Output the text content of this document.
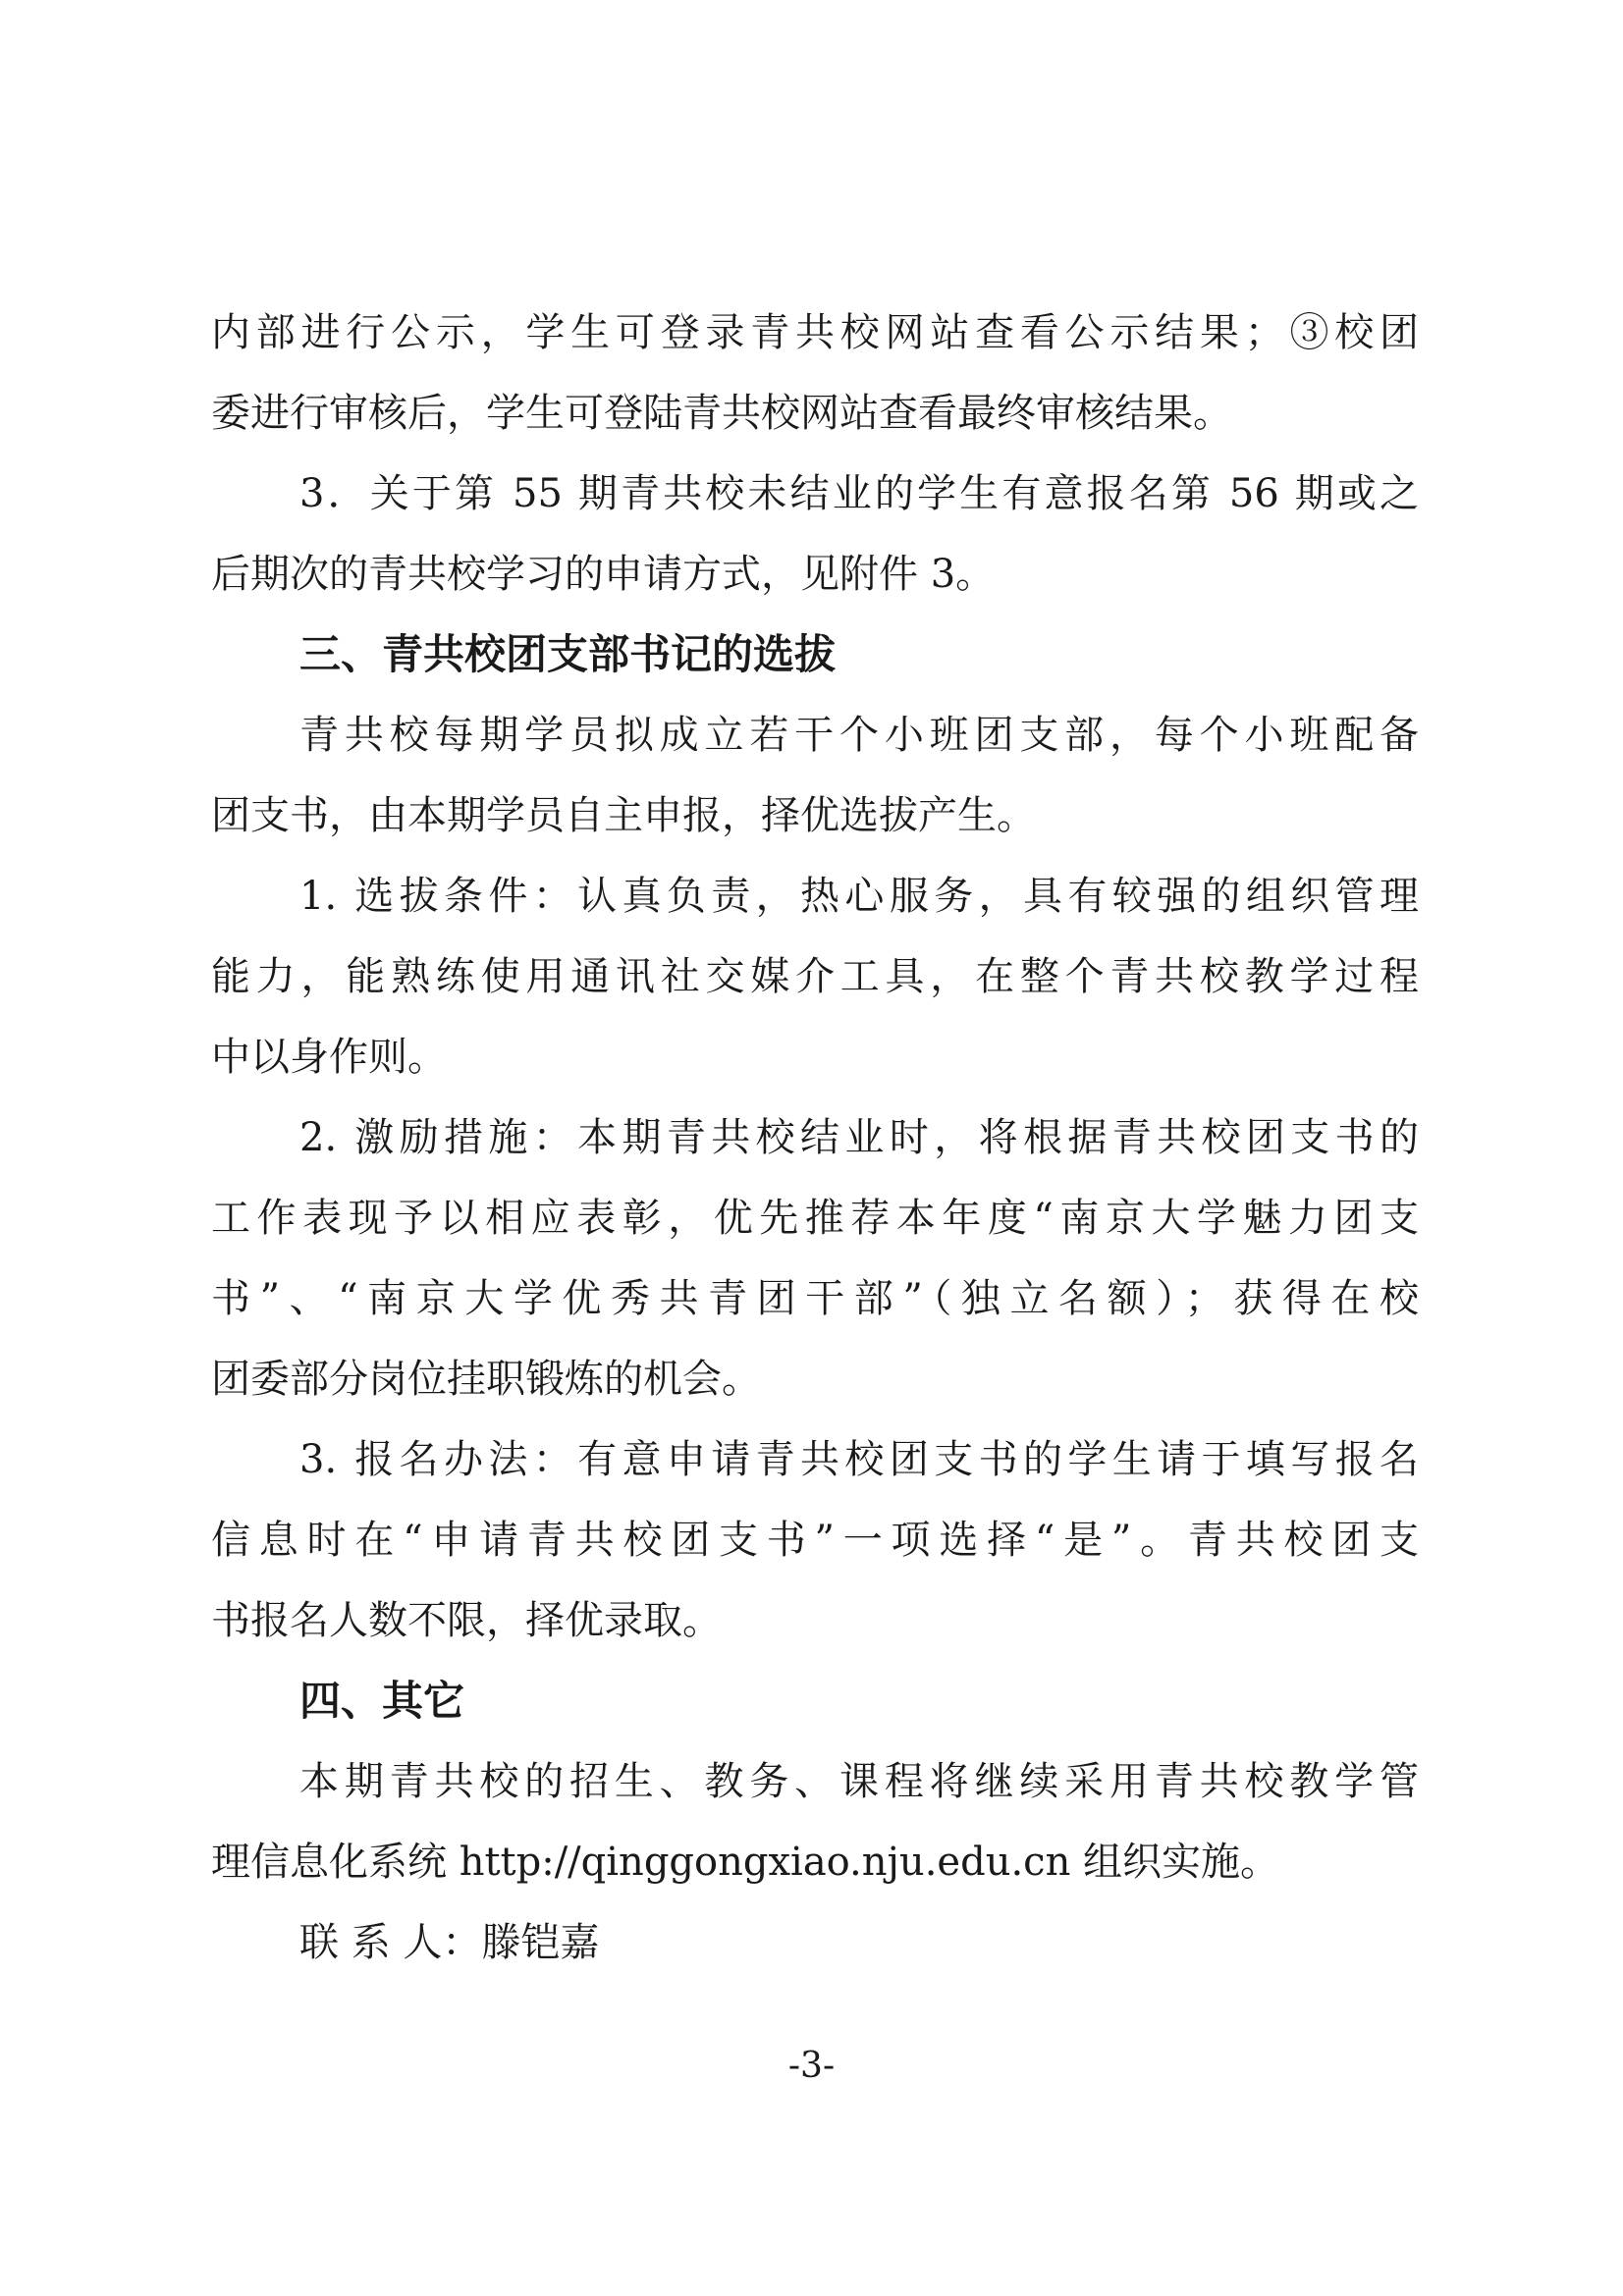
内部进行公示，学生可登录青共校网站查看公示结果；③校团
委进行审核后，学生可登陆青共校网站查看最终审核结果。
3．关于第 55 期青共校未结业的学生有意报名第 56 期或之
后期次的青共校学习的申请方式，见附件 3。
三、青共校团支部书记的选拔
青共校每期学员拟成立若干个小班团支部，每个小班配备
团支书，由本期学员自主申报，择优选拔产生。
1. 选拔条件：认真负责，热心服务，具有较强的组织管理
能力，能熟练使用通讯社交媒介工具，在整个青共校教学过程
中以身作则。
2. 激励措施：本期青共校结业时，将根据青共校团支书的
工作表现予以相应表彰，优先推荐本年度“南京大学魅力团支
书”、“南京大学优秀共青团干部”（独立名额）；获得在校
团委部分岗位挂职锻炼的机会。
3. 报名办法：有意申请青共校团支书的学生请于填写报名
信息时在“申请青共校团支书”一项选择“是”。青共校团支
书报名人数不限，择优录取。
四、其它
本期青共校的招生、教务、课程将继续采用青共校教学管
理信息化系统 http://qinggongxiao.nju.edu.cn 组织实施。
联 系 人：滕铠嘉
-3-
